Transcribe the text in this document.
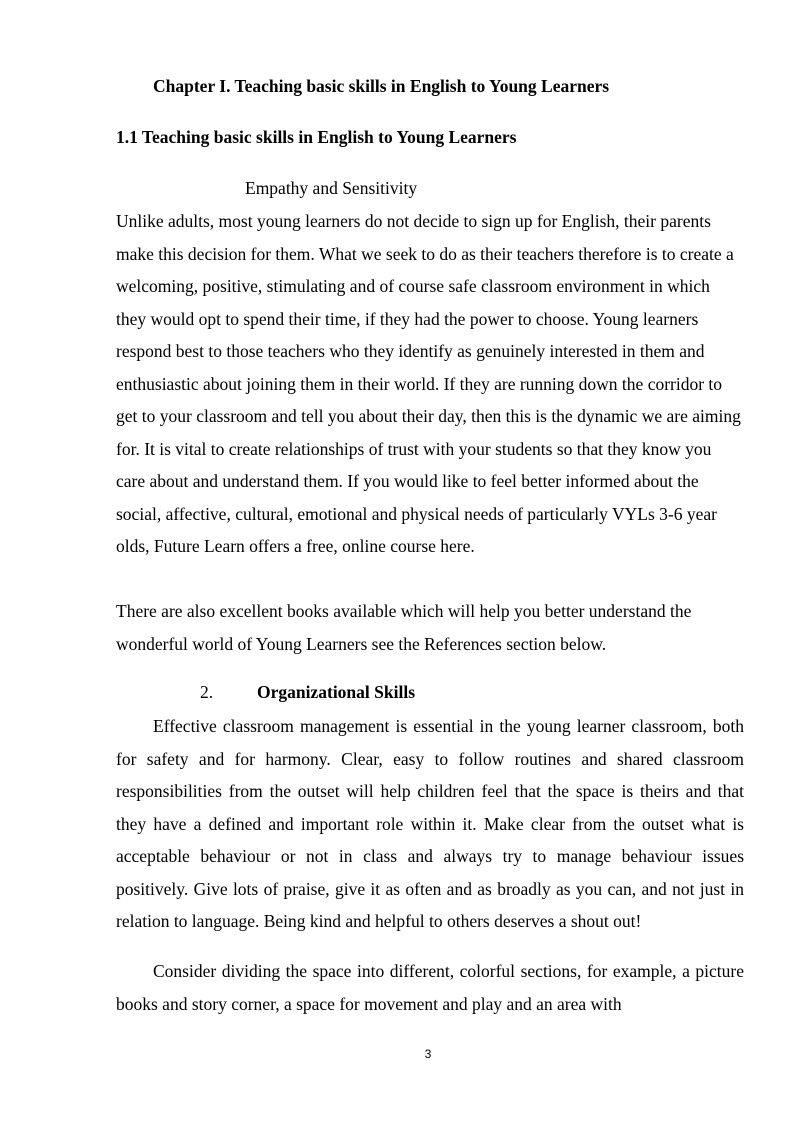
Chapter I. Teaching basic skills in English to Young Learners
1.1 Teaching basic skills in English to Young Learners
Empathy and Sensitivity
Unlike adults, most young learners do not decide to sign up for English, their parents make this decision for them. What we seek to do as their teachers therefore is to create a welcoming, positive, stimulating and of course safe classroom environment in which they would opt to spend their time, if they had the power to choose. Young learners respond best to those teachers who they identify as genuinely interested in them and enthusiastic about joining them in their world. If they are running down the corridor to get to your classroom and tell you about their day, then this is the dynamic we are aiming for. It is vital to create relationships of trust with your students so that they know you care about and understand them. If you would like to feel better informed about the social, affective, cultural, emotional and physical needs of particularly VYLs 3-6 year olds, Future Learn offers a free, online course here.
There are also excellent books available which will help you better understand the wonderful world of Young Learners see the References section below.
2.	Organizational Skills
Effective classroom management is essential in the young learner classroom, both for safety and for harmony. Clear, easy to follow routines and shared classroom responsibilities from the outset will help children feel that the space is theirs and that they have a defined and important role within it. Make clear from the outset what is acceptable behaviour or not in class and always try to manage behaviour issues positively. Give lots of praise, give it as often and as broadly as you can, and not just in relation to language. Being kind and helpful to others deserves a shout out!
Consider dividing the space into different, colorful sections, for example, a picture books and story corner, a space for movement and play and an area with
3
